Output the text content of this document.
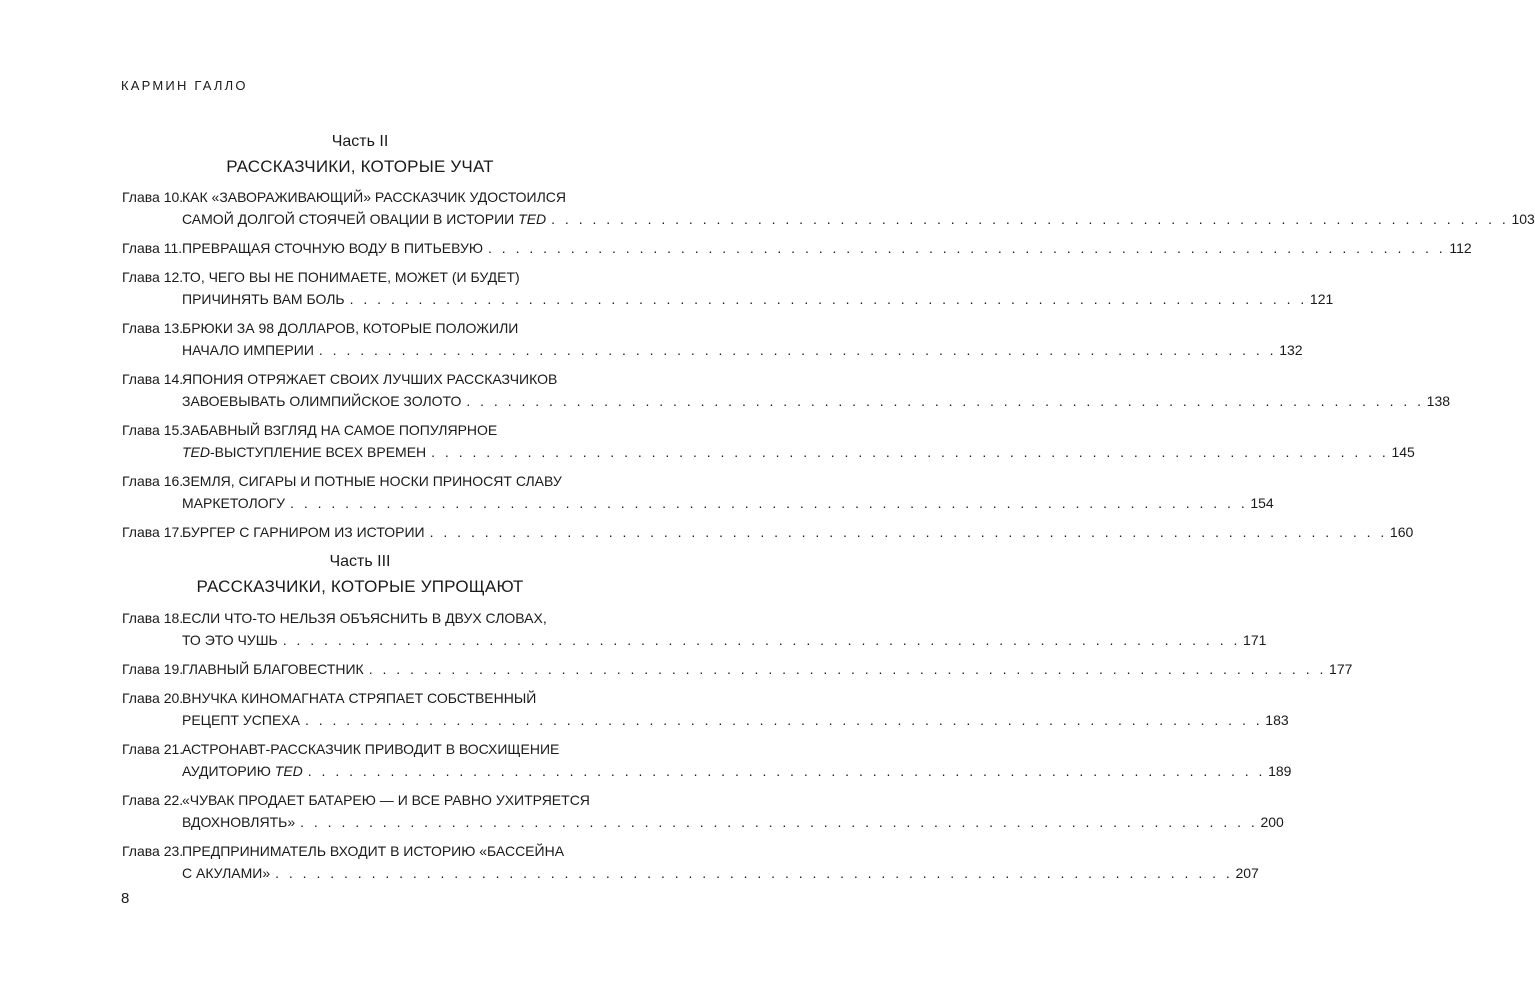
КАРМИН ГАЛЛО
Часть II
РАССКАЗЧИКИ, КОТОРЫЕ УЧАТ
Глава 10.
КАК «ЗАВОРАЖИВАЮЩИЙ» РАССКАЗЧИК УДОСТОИЛСЯ
САМОЙ ДОЛГОЙ СТОЯЧЕЙ ОВАЦИИ В ИСТОРИИ TED . . .	103
Глава 11. ПРЕВРАЩАЯ СТОЧНУЮ ВОДУ В ПИТЬЕВУЮ . . .	112
Глава 12.
ТО, ЧЕГО ВЫ НЕ ПОНИМАЕТЕ, МОЖЕТ (И БУДЕТ)
ПРИЧИНЯТЬ ВАМ БОЛЬ . . .	121
Глава 13.
БРЮКИ ЗА 98 ДОЛЛАРОВ, КОТОРЫЕ ПОЛОЖИЛИ
НАЧАЛО ИМПЕРИИ . . .	132
Глава 14.
ЯПОНИЯ ОТРЯЖАЕТ СВОИХ ЛУЧШИХ РАССКАЗЧИКОВ
ЗАВОЕВЫВАТЬ ОЛИМПИЙСКОЕ ЗОЛОТО . . .	138
Глава 15.
ЗАБАВНЫЙ ВЗГЛЯД НА САМОЕ ПОПУЛЯРНОЕ
TED -ВЫСТУПЛЕНИЕ ВСЕХ ВРЕМЕН . . .	145
Глава 16.
ЗЕМЛЯ, СИГАРЫ И ПОТНЫЕ НОСКИ ПРИНОСЯТ СЛАВУ
МАРКЕТОЛОГУ . . .	154
Глава 17.
БУРГЕР С ГАРНИРОМ ИЗ ИСТОРИИ . . .	160
Часть III
РАССКАЗЧИКИ, КОТОРЫЕ УПРОЩАЮТ
Глава 18.
ЕСЛИ ЧТО-ТО НЕЛЬЗЯ ОБЪЯСНИТЬ В ДВУХ СЛОВАХ,
ТО ЭТО ЧУШЬ . . .	171
Глава 19.
ГЛАВНЫЙ БЛАГОВЕСТНИК . . .	177
Глава 20.
ВНУЧКА КИНОМАГНАТА СТРЯПАЕТ СОБСТВЕННЫЙ
РЕЦЕПТ УСПЕХА . . .	183
Глава 21.
АСТРОНАВТ-РАССКАЗЧИК ПРИВОДИТ В ВОСХИЩЕНИЕ
АУДИТОРИЮ TED . . .	189
Глава 22.
«ЧУВАК ПРОДАЕТ БАТАРЕЮ — И ВСЕ РАВНО УХИТРЯЕТСЯ
ВДОХНОВЛЯТЬ» . . .	200
Глава 23.
ПРЕДПРИНИМАТЕЛЬ ВХОДИТ В ИСТОРИЮ «БАССЕЙНА
С АКУЛАМИ» . . .	207
8
